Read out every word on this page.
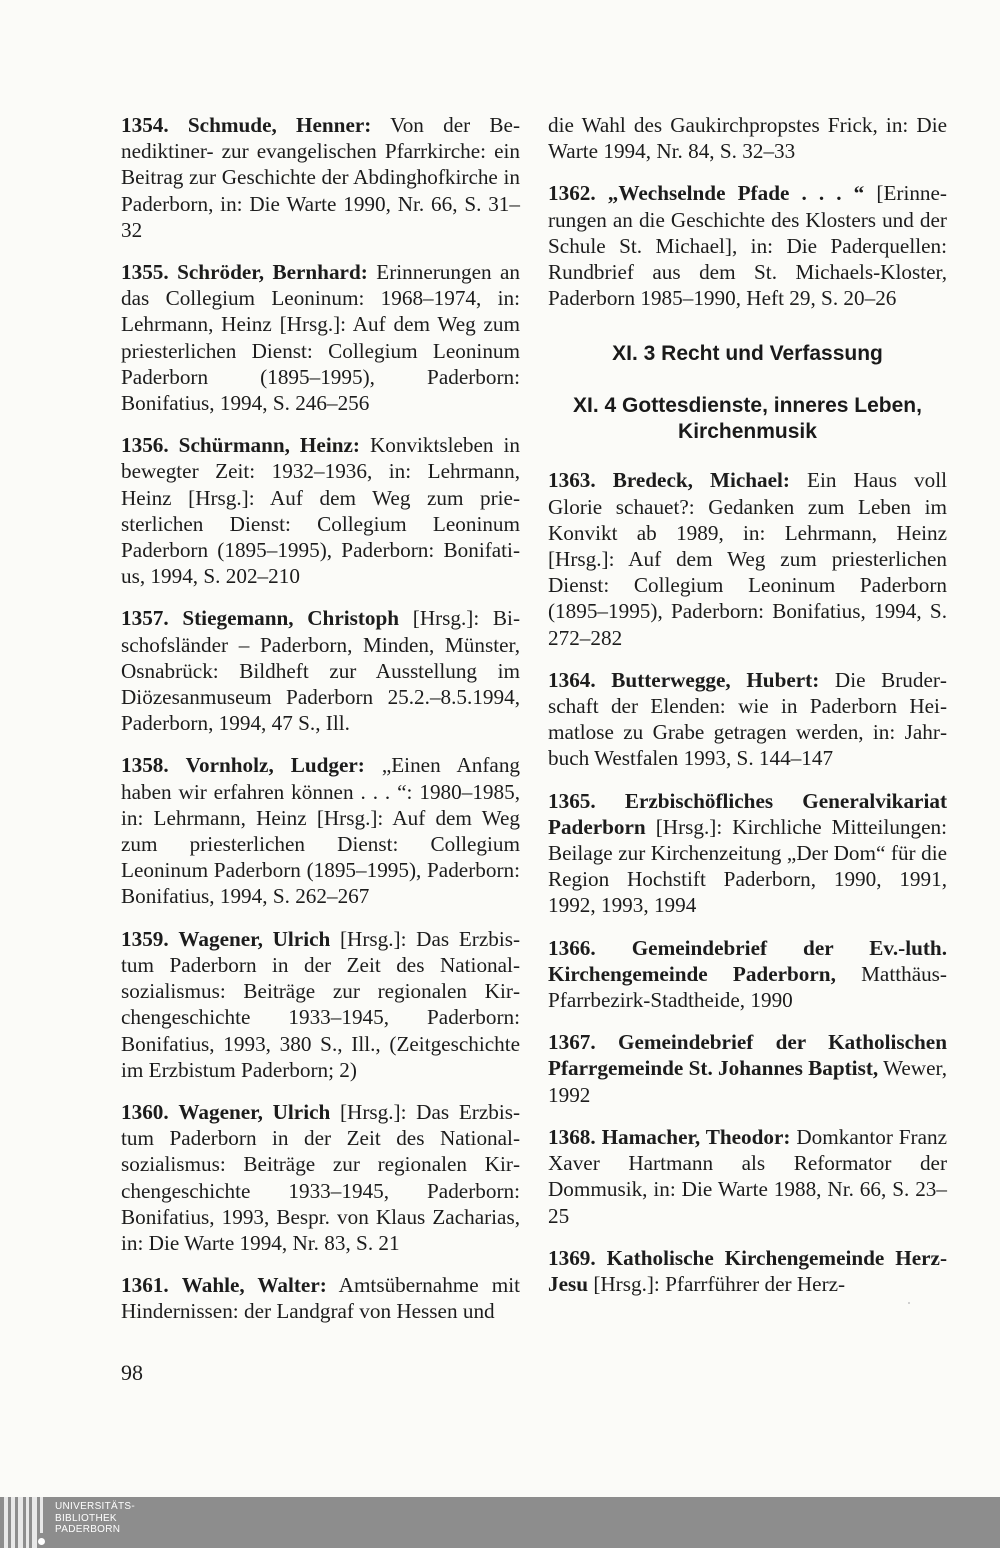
1354. Schmude, Henner: Von der Benediktiner- zur evangelischen Pfarrkirche: ein Beitrag zur Geschichte der Abdinghofkirche in Paderborn, in: Die Warte 1990, Nr. 66, S. 31–32

1355. Schröder, Bernhard: Erinnerungen an das Collegium Leoninum: 1968–1974, in: Lehrmann, Heinz [Hrsg.]: Auf dem Weg zum priesterlichen Dienst: Collegium Leoninum Paderborn (1895–1995), Paderborn: Bonifatius, 1994, S. 246–256

1356. Schürmann, Heinz: Konviktsleben in bewegter Zeit: 1932–1936, in: Lehrmann, Heinz [Hrsg.]: Auf dem Weg zum priesterlichen Dienst: Collegium Leoninum Paderborn (1895–1995), Paderborn: Bonifatius, 1994, S. 202–210

1357. Stiegemann, Christoph [Hrsg.]: Bischofsländer – Paderborn, Minden, Münster, Osnabrück: Bildheft zur Ausstellung im Diözesanmuseum Paderborn 25.2.–8.5.1994, Paderborn, 1994, 47 S., Ill.

1358. Vornholz, Ludger: „Einen Anfang haben wir erfahren können . . . “: 1980–1985, in: Lehrmann, Heinz [Hrsg.]: Auf dem Weg zum priesterlichen Dienst: Collegium Leoninum Paderborn (1895–1995), Paderborn: Bonifatius, 1994, S. 262–267

1359. Wagener, Ulrich [Hrsg.]: Das Erzbistum Paderborn in der Zeit des Nationalsozialismus: Beiträge zur regionalen Kirchengeschichte 1933–1945, Paderborn: Bonifatius, 1993, 380 S., Ill., (Zeitgeschichte im Erzbistum Paderborn; 2)

1360. Wagener, Ulrich [Hrsg.]: Das Erzbistum Paderborn in der Zeit des Nationalsozialismus: Beiträge zur regionalen Kirchengeschichte 1933–1945, Paderborn: Bonifatius, 1993, Bespr. von Klaus Zacharias, in: Die Warte 1994, Nr. 83, S. 21

1361. Wahle, Walter: Amtsübernahme mit Hindernissen: der Landgraf von Hessen und

die Wahl des Gaukirchpropstes Frick, in: Die Warte 1994, Nr. 84, S. 32–33

1362. „Wechselnde Pfade . . . “ [Erinnerungen an die Geschichte des Klosters und der Schule St. Michael], in: Die Paderquellen: Rundbrief aus dem St. Michaels-Kloster, Paderborn 1985–1990, Heft 29, S. 20–26

XI. 3 Recht und Verfassung
XI. 4 Gottesdienste, inneres Leben,
Kirchenmusik

1363. Bredeck, Michael: Ein Haus voll Glorie schauet?: Gedanken zum Leben im Konvikt ab 1989, in: Lehrmann, Heinz [Hrsg.]: Auf dem Weg zum priesterlichen Dienst: Collegium Leoninum Paderborn (1895–1995), Paderborn: Bonifatius, 1994, S. 272–282

1364. Butterwegge, Hubert: Die Bruderschaft der Elenden: wie in Paderborn Heimatlose zu Grabe getragen werden, in: Jahrbuch Westfalen 1993, S. 144–147

1365. Erzbischöfliches Generalvikariat Paderborn [Hrsg.]: Kirchliche Mitteilungen: Beilage zur Kirchenzeitung „Der Dom“ für die Region Hochstift Paderborn, 1990, 1991, 1992, 1993, 1994

1366. Gemeindebrief der Ev.-luth. Kirchengemeinde Paderborn, Matthäus-Pfarrbezirk-Stadtheide, 1990

1367. Gemeindebrief der Katholischen Pfarrgemeinde St. Johannes Baptist, Wewer, 1992

1368. Hamacher, Theodor: Domkantor Franz Xaver Hartmann als Reformator der Dommusik, in: Die Warte 1988, Nr. 66, S. 23–25

1369. Katholische Kirchengemeinde Herz-Jesu [Hrsg.]: Pfarrführer der Herz-

98
UNIVERSITÄTS-
BIBLIOTHEK
PADERBORN
